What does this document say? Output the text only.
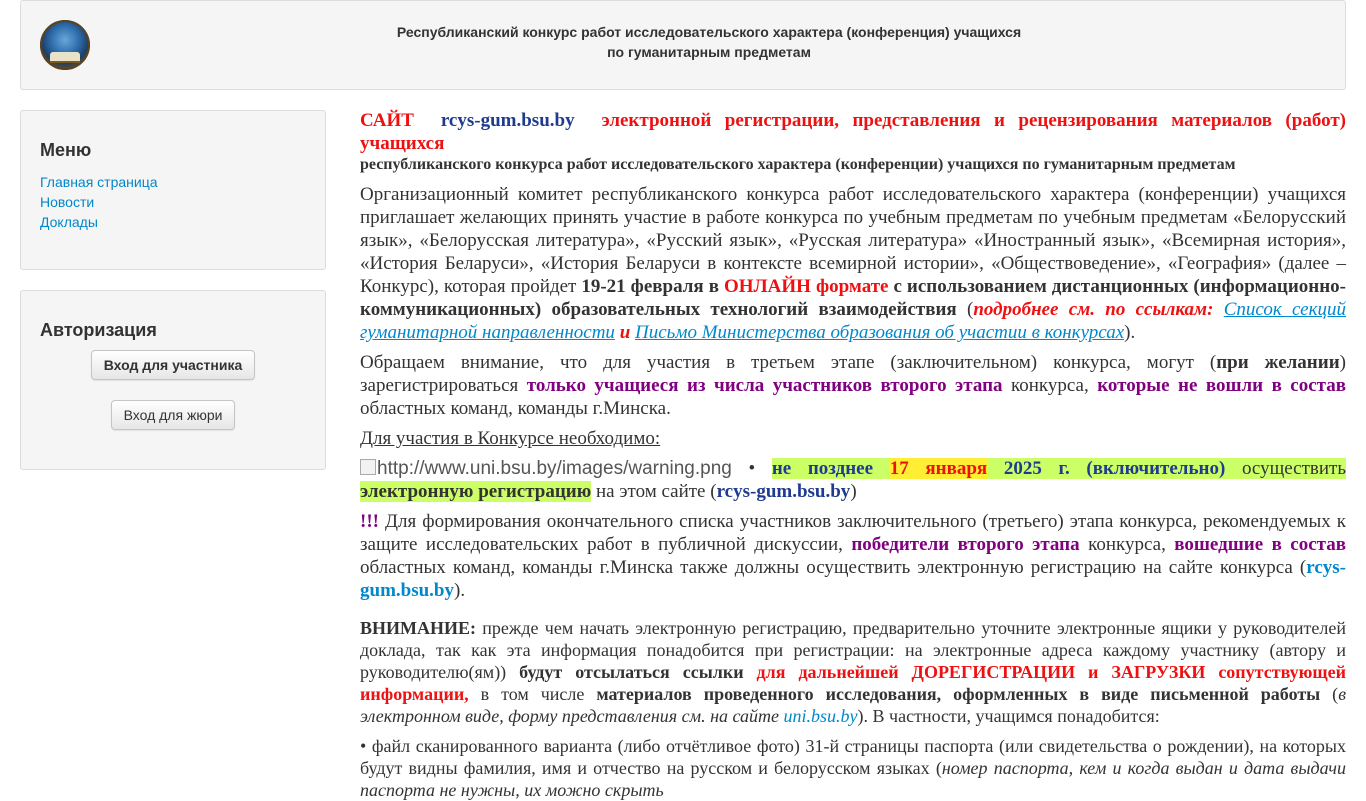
Республиканский конкурс работ исследовательского характера (конференция) учащихся
по гуманитарным предметам
Меню
Главная страница
Новости
Доклады
Авторизация
Вход для участника
Вход для жюри

САЙТ rcys-gum.bsu.by электронной регистрации, представления и рецензирования материалов (работ) учащихся

республиканского конкурса работ исследовательского характера (конференции) учащихся по гуманитарным предметам

Организационный комитет республиканского конкурса работ исследовательского характера (конференции) учащихся приглашает желающих принять участие в работе конкурса по учебным предметам по учебным предметам «Белорусский язык», «Белорусская литература», «Русский язык», «Русская литература» «Иностранный язык», «Всемирная история», «История Беларуси», «История Беларуси в контексте всемирной истории», «Обществоведение», «География» (далее – Конкурс), которая пройдет 19-21 февраля в ОНЛАЙН формате с использованием дистанционных (информационно-коммуникационных) образовательных технологий взаимодействия (подробнее см. по ссылкам: Список секций гуманитарной направленности и Письмо Министерства образования об участии в конкурсах).

Обращаем внимание, что для участия в третьем этапе (заключительном) конкурса, могут (при желании) зарегистрироваться только учащиеся из числа участников второго этапа конкурса, которые не вошли в состав областных команд, команды г.Минска.

Для участия в Конкурсе необходимо:

http://www.uni.bsu.by/images/warning.png • не позднее 17 января 2025 г. (включительно) осуществить электронную регистрацию на этом сайте (rcys-gum.bsu.by)

!!! Для формирования окончательного списка участников заключительного (третьего) этапа конкурса, рекомендуемых к защите исследовательских работ в публичной дискуссии, победители второго этапа конкурса, вошедшие в состав областных команд, команды г.Минска также должны осуществить электронную регистрацию на сайте конкурса (rcys-gum.bsu.by).

ВНИМАНИЕ: прежде чем начать электронную регистрацию, предварительно уточните электронные ящики у руководителей доклада, так как эта информация понадобится при регистрации: на электронные адреса каждому участнику (автору и руководителю(ям)) будут отсылаться ссылки для дальнейшей ДОРЕГИСТРАЦИИ и ЗАГРУЗКИ сопутствующей информации, в том числе материалов проведенного исследования, оформленных в виде письменной работы (в электронном виде, форму представления см. на сайте uni.bsu.by). В частности, учащимся понадобится:

• файл сканированного варианта (либо отчётливое фото) 31-й страницы паспорта (или свидетельства о рождении), на которых будут видны фамилия, имя и отчество на русском и белорусском языках (номер паспорта, кем и когда выдан и дата выдачи паспорта не нужны, их можно скрыть
